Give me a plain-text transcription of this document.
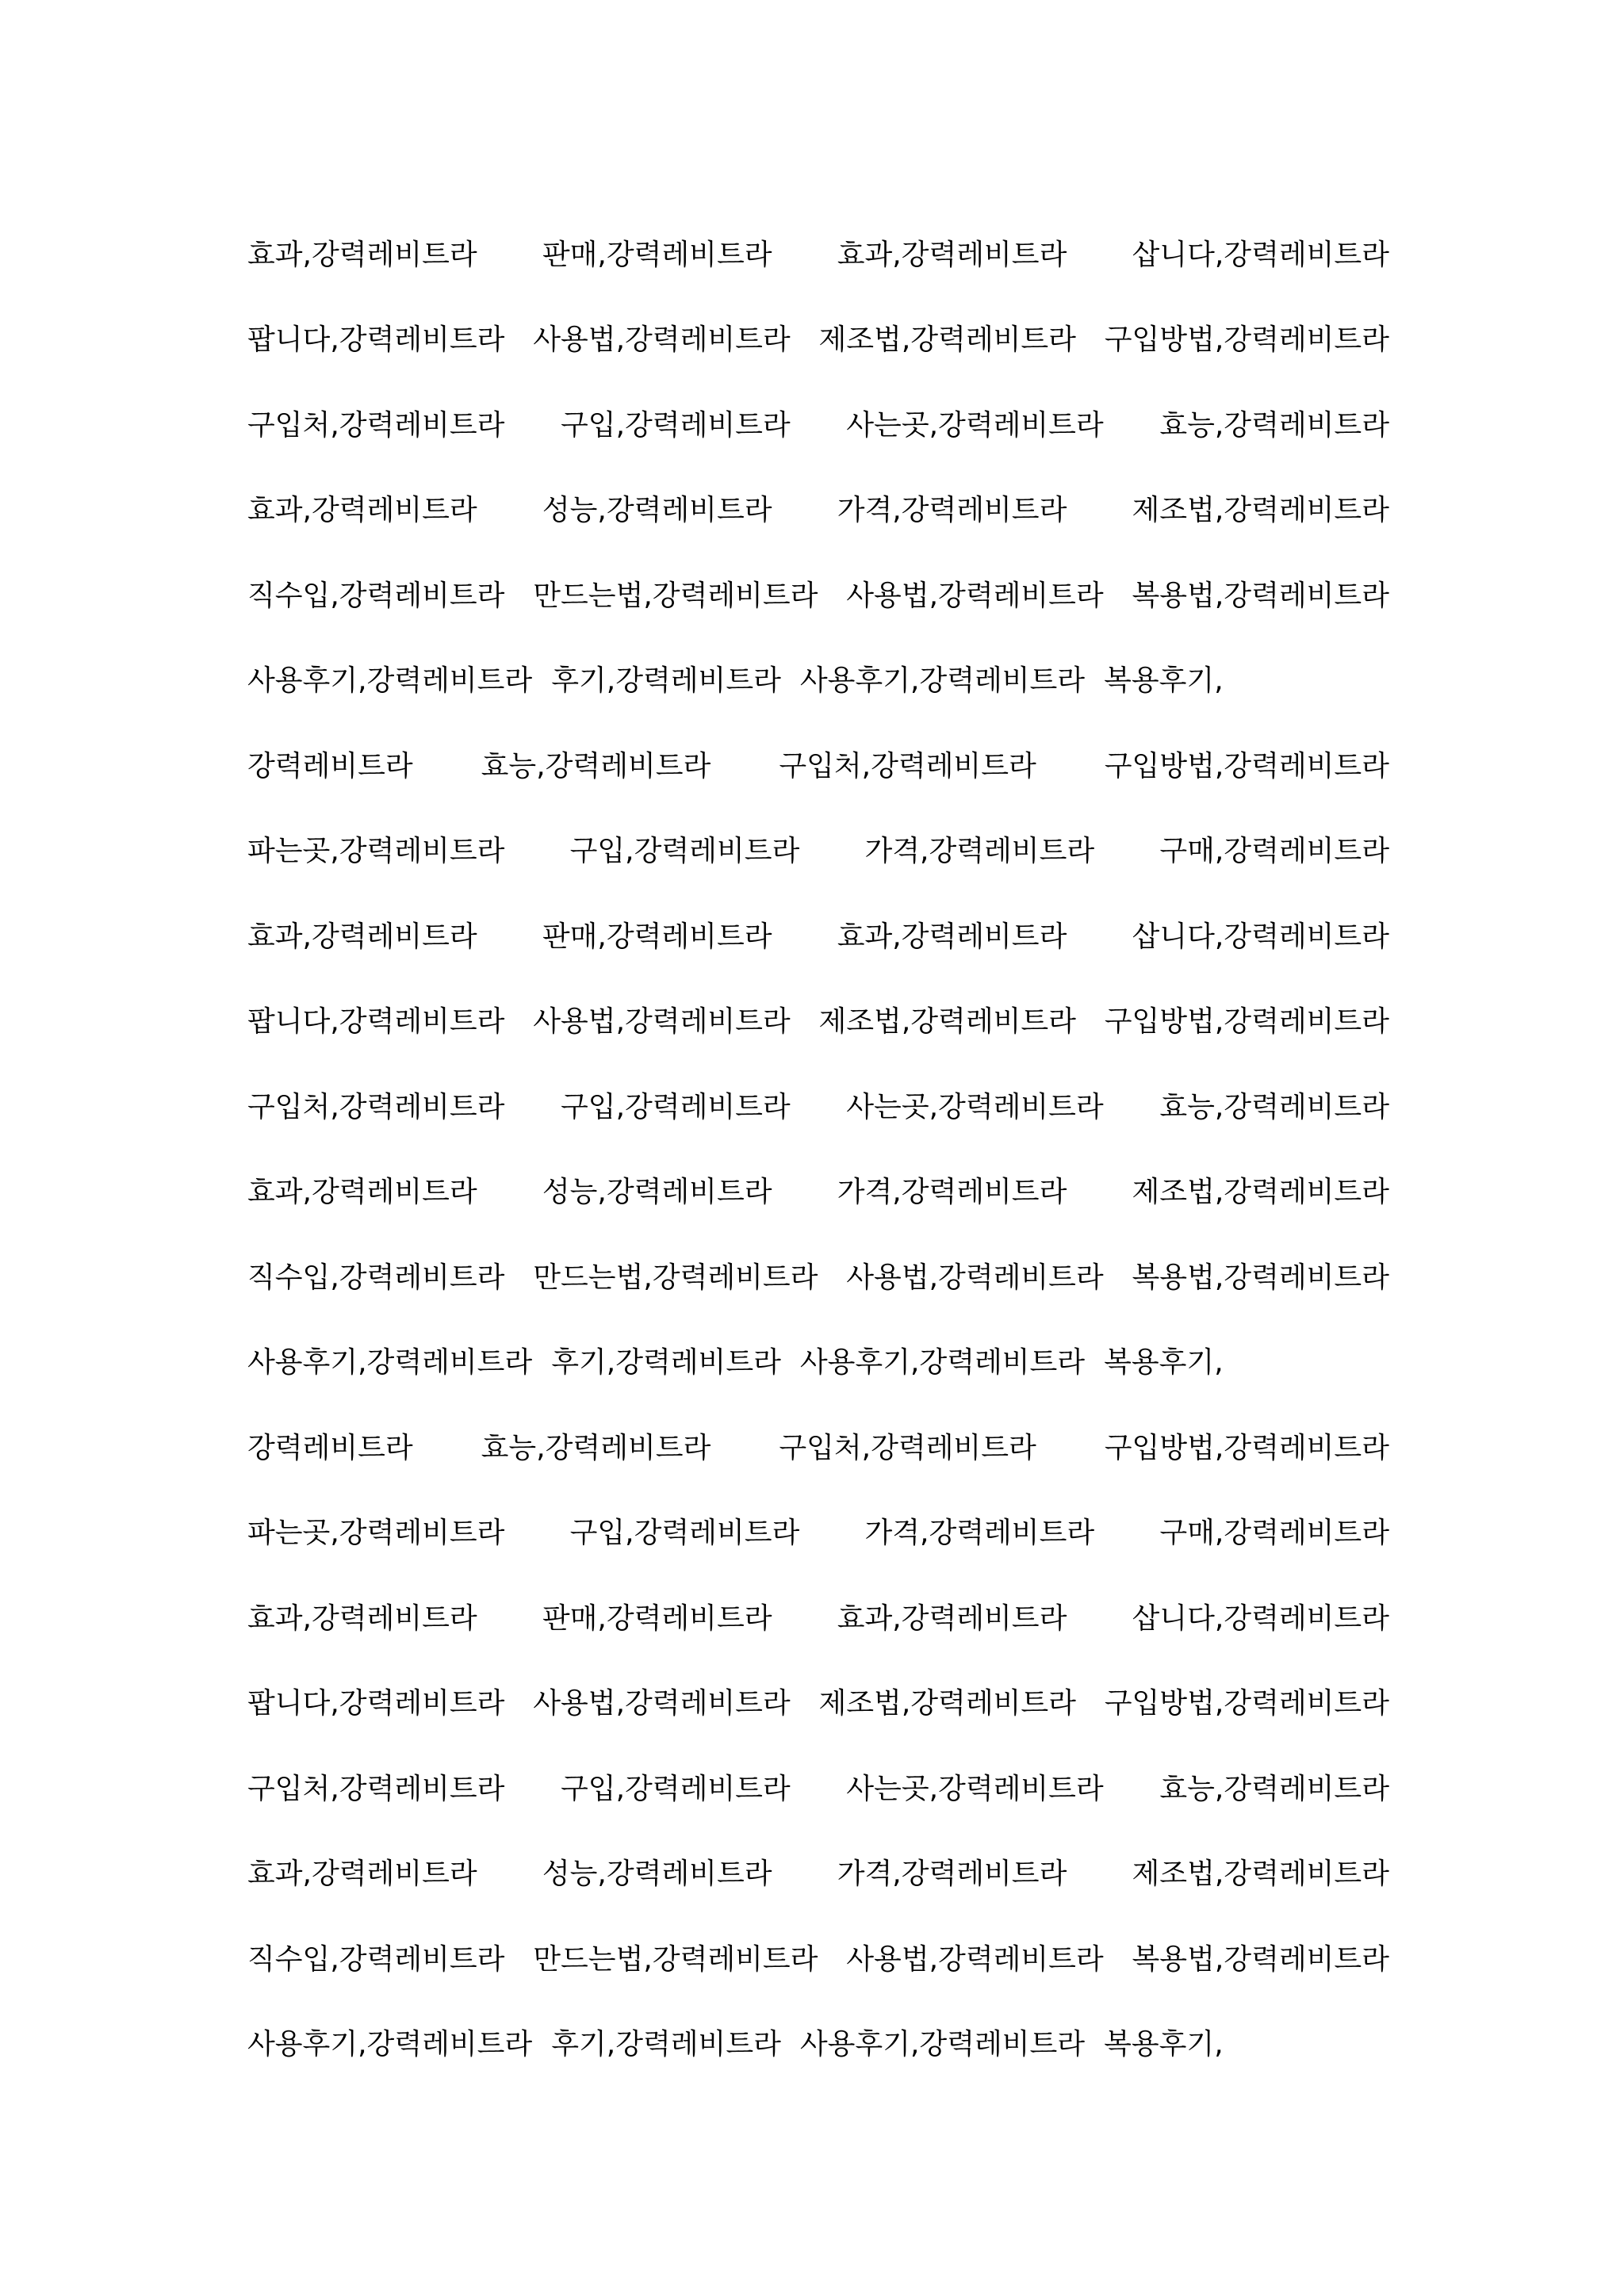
효과,강력레비트라 판매,강력레비트라 효과,강력레비트라 삽니다,강력레비트라
팝니다,강력레비트라 사용법,강력레비트라 제조법,강력레비트라 구입방법,강력레비트라
구입처,강력레비트라 구입,강력레비트라 사는곳,강력레비트라 효능,강력레비트라
효과,강력레비트라 성능,강력레비트라 가격,강력레비트라 제조법,강력레비트라
직수입,강력레비트라 만드는법,강력레비트라 사용법,강력레비트라 복용법,강력레비트라
사용후기,강력레비트라 후기,강력레비트라 사용후기,강력레비트라 복용후기,
강력레비트라 효능,강력레비트라 구입처,강력레비트라 구입방법,강력레비트라
파는곳,강력레비트라 구입,강력레비트라 가격,강력레비트라 구매,강력레비트라
효과,강력레비트라 판매,강력레비트라 효과,강력레비트라 삽니다,강력레비트라
팝니다,강력레비트라 사용법,강력레비트라 제조법,강력레비트라 구입방법,강력레비트라
구입처,강력레비트라 구입,강력레비트라 사는곳,강력레비트라 효능,강력레비트라
효과,강력레비트라 성능,강력레비트라 가격,강력레비트라 제조법,강력레비트라
직수입,강력레비트라 만드는법,강력레비트라 사용법,강력레비트라 복용법,강력레비트라
사용후기,강력레비트라 후기,강력레비트라 사용후기,강력레비트라 복용후기,
강력레비트라 효능,강력레비트라 구입처,강력레비트라 구입방법,강력레비트라
파는곳,강력레비트라 구입,강력레비트라 가격,강력레비트라 구매,강력레비트라
효과,강력레비트라 판매,강력레비트라 효과,강력레비트라 삽니다,강력레비트라
팝니다,강력레비트라 사용법,강력레비트라 제조법,강력레비트라 구입방법,강력레비트라
구입처,강력레비트라 구입,강력레비트라 사는곳,강력레비트라 효능,강력레비트라
효과,강력레비트라 성능,강력레비트라 가격,강력레비트라 제조법,강력레비트라
직수입,강력레비트라 만드는법,강력레비트라 사용법,강력레비트라 복용법,강력레비트라
사용후기,강력레비트라 후기,강력레비트라 사용후기,강력레비트라 복용후기,
